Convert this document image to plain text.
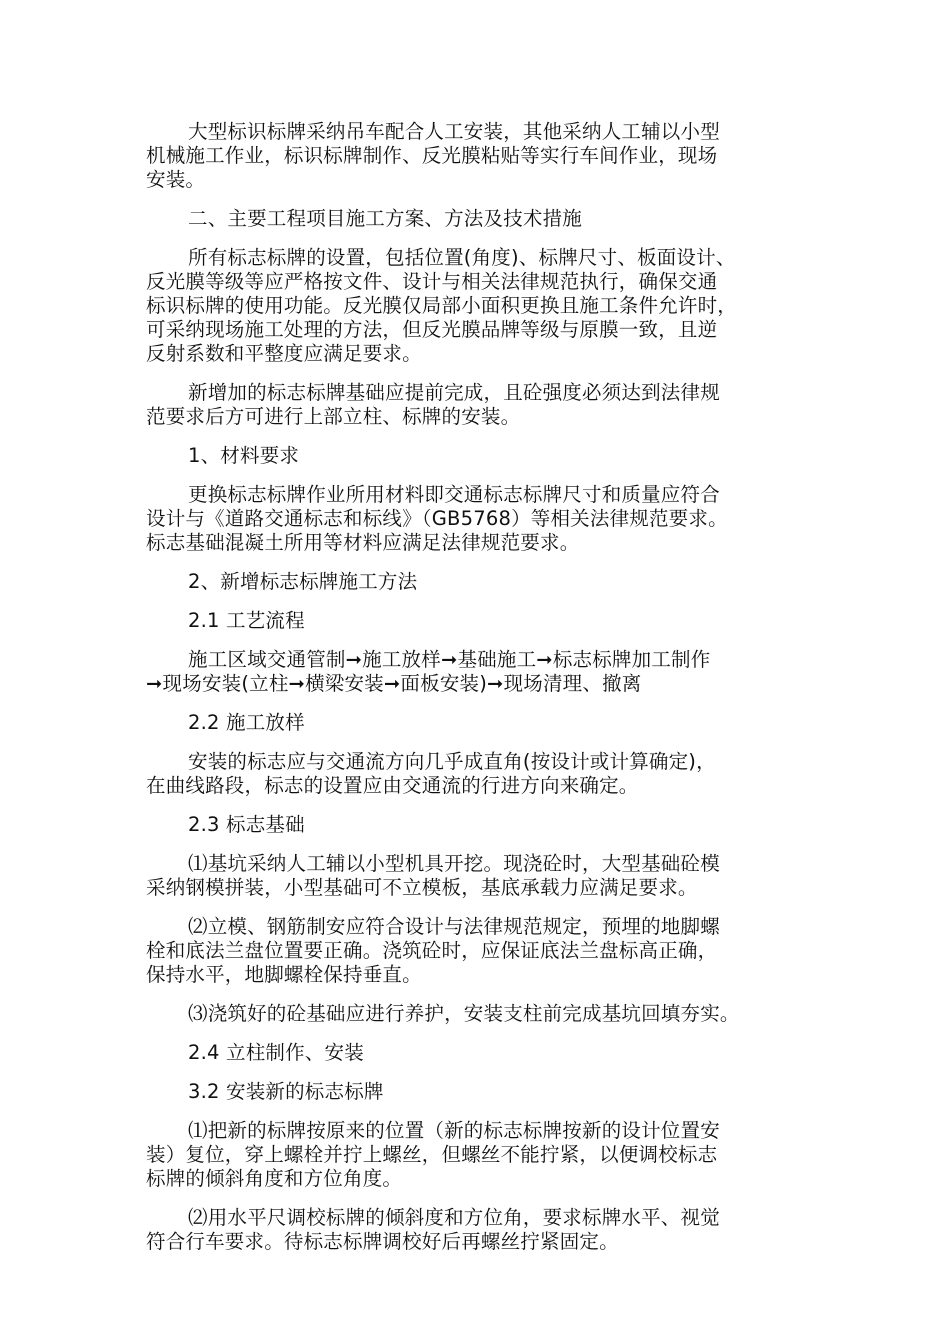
大型标识标牌采纳吊车配合人工安装，其他采纳人工辅以小型
机械施工作业，标识标牌制作、反光膜粘贴等实行车间作业，现场
安装。
二、主要工程项目施工方案、方法及技术措施
所有标志标牌的设置，包括位置(角度)、标牌尺寸、板面设计、
反光膜等级等应严格按文件、设计与相关法律规范执行，确保交通
标识标牌的使用功能。反光膜仅局部小面积更换且施工条件允许时，
可采纳现场施工处理的方法，但反光膜品牌等级与原膜一致，且逆
反射系数和平整度应满足要求。
新增加的标志标牌基础应提前完成，且砼强度必须达到法律规
范要求后方可进行上部立柱、标牌的安装。
1、材料要求
更换标志标牌作业所用材料即交通标志标牌尺寸和质量应符合
设计与《道路交通标志和标线》（GB5768）等相关法律规范要求。
标志基础混凝土所用等材料应满足法律规范要求。
2、新增标志标牌施工方法
2.1 工艺流程
施工区域交通管制➞施工放样➞基础施工➞标志标牌加工制作
➞现场安装(立柱➞横梁安装➞面板安装)➞现场清理、撤离
2.2 施工放样
安装的标志应与交通流方向几乎成直角(按设计或计算确定)，
在曲线路段，标志的设置应由交通流的行进方向来确定。
2.3 标志基础
⑴基坑采纳人工辅以小型机具开挖。现浇砼时，大型基础砼模
采纳钢模拼装，小型基础可不立模板，基底承载力应满足要求。
⑵立模、钢筋制安应符合设计与法律规范规定，预埋的地脚螺
栓和底法兰盘位置要正确。浇筑砼时，应保证底法兰盘标高正确，
保持水平，地脚螺栓保持垂直。
⑶浇筑好的砼基础应进行养护，安装支柱前完成基坑回填夯实。
2.4 立柱制作、安装
3.2 安装新的标志标牌
⑴把新的标牌按原来的位置（新的标志标牌按新的设计位置安
装）复位，穿上螺栓并拧上螺丝，但螺丝不能拧紧，以便调校标志
标牌的倾斜角度和方位角度。
⑵用水平尺调校标牌的倾斜度和方位角，要求标牌水平、视觉
符合行车要求。待标志标牌调校好后再螺丝拧紧固定。
